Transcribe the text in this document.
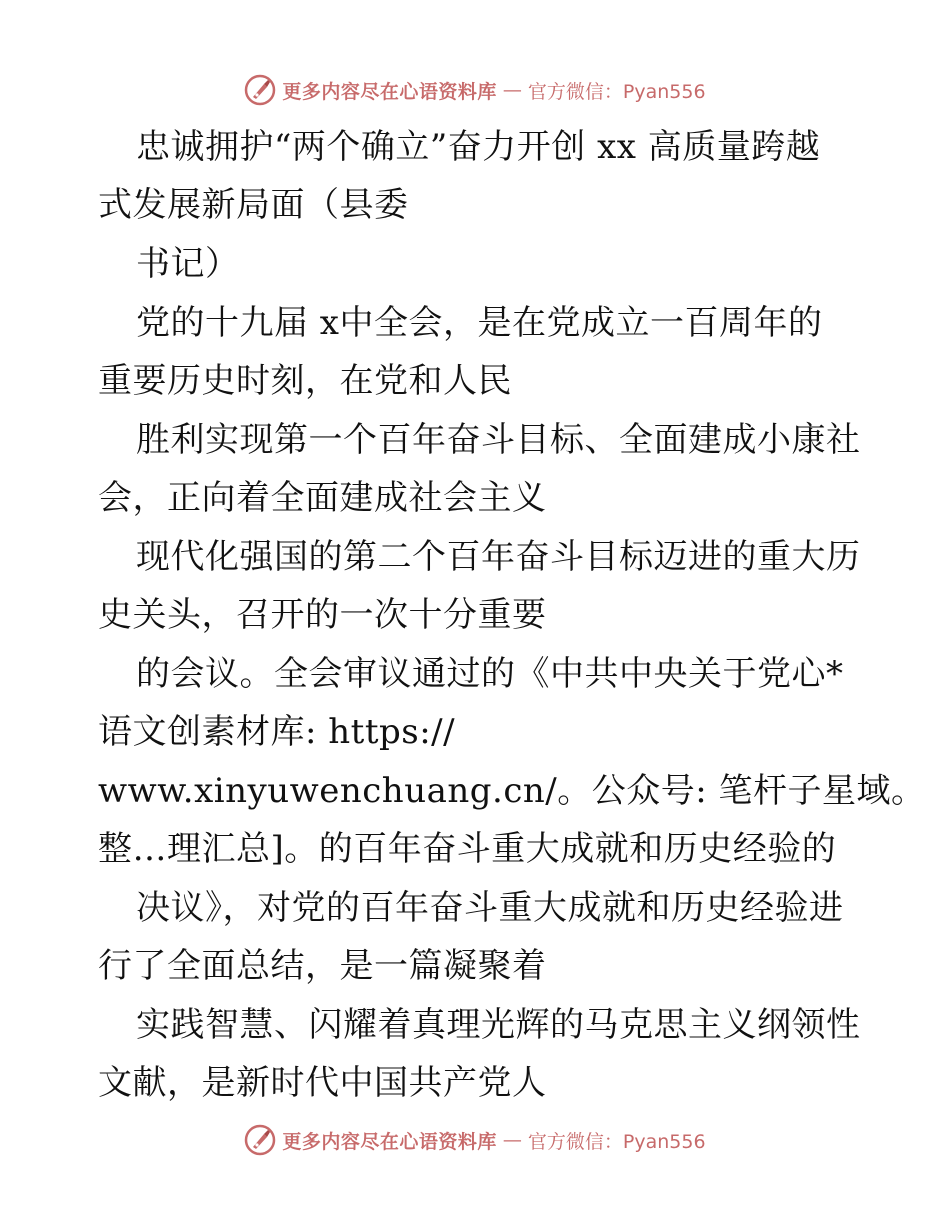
更多内容尽在心语资料库 — 官方微信：Pyan556
忠诚拥护“两个确立”奋力开创 xx 高质量跨越
式发展新局面（县委
书记）
党的十九届 x中全会，是在党成立一百周年的
重要历史时刻，在党和人民
胜利实现第一个百年奋斗目标、全面建成小康社
会，正向着全面建成社会主义
现代化强国的第二个百年奋斗目标迈进的重大历
史关头，召开的一次十分重要
的会议。全会审议通过的《中共中央关于党心*
语文创素材库: https://
www.xinyuwenchuang.cn/。公众号: 笔杆子星域。
整…理汇总]。的百年奋斗重大成就和历史经验的
决议》，对党的百年奋斗重大成就和历史经验进
行了全面总结，是一篇凝聚着
实践智慧、闪耀着真理光辉的马克思主义纲领性
文献，是新时代中国共产党人
更多内容尽在心语资料库 — 官方微信：Pyan556
